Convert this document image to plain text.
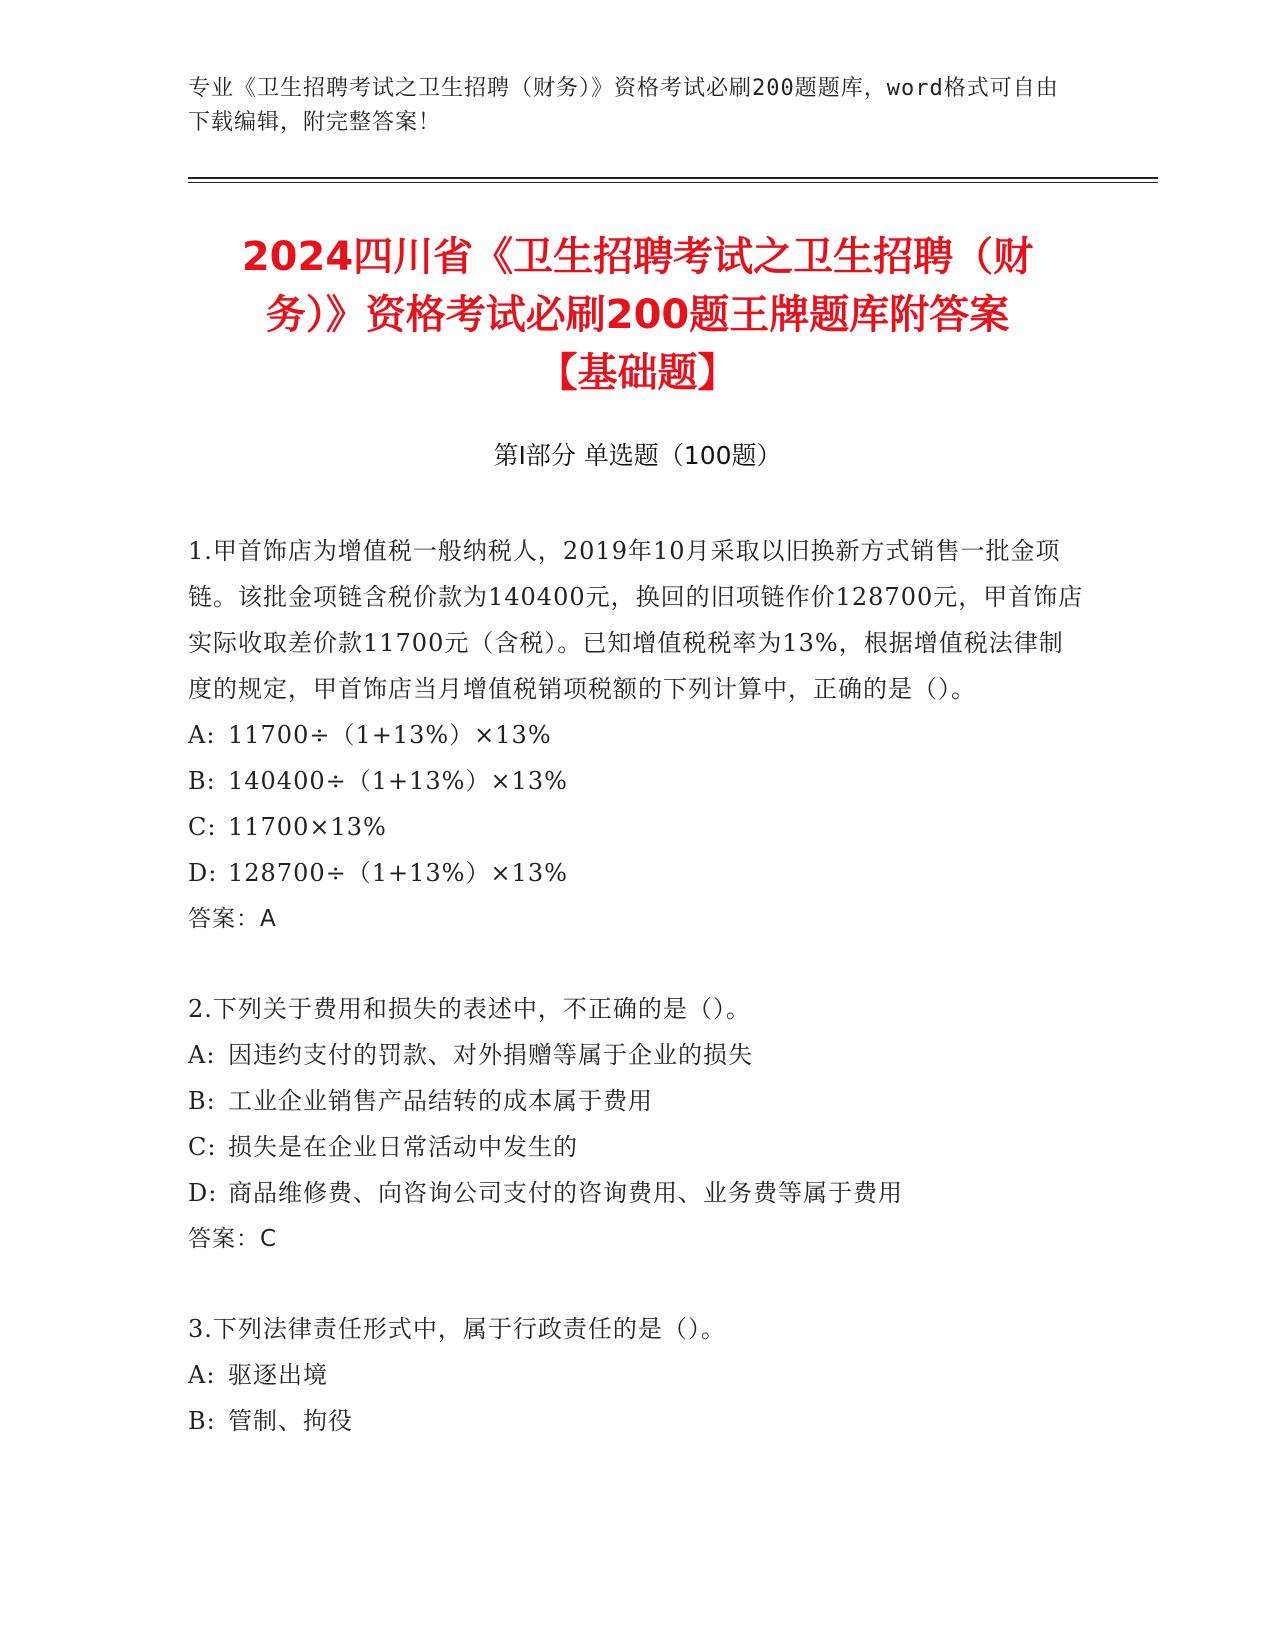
专业《卫生招聘考试之卫生招聘（财务）》资格考试必刷200题题库，word格式可自由下载编辑，附完整答案！
2024四川省《卫生招聘考试之卫生招聘（财
务）》资格考试必刷200题王牌题库附答案
【基础题】
第I部分 单选题（100题）

1.甲首饰店为增值税一般纳税人，2019年10月采取以旧换新方式销售一批金项链。该批金项链含税价款为140400元，换回的旧项链作价128700元，甲首饰店实际收取差价款11700元（含税）。已知增值税税率为13%，根据增值税法律制度的规定，甲首饰店当月增值税销项税额的下列计算中，正确的是（）。

A: 11700÷（1+13%）×13%

B: 140400÷（1+13%）×13%

C: 11700×13%

D: 128700÷（1+13%）×13%

答案：A

2.下列关于费用和损失的表述中，不正确的是（）。

A: 因违约支付的罚款、对外捐赠等属于企业的损失

B: 工业企业销售产品结转的成本属于费用

C: 损失是在企业日常活动中发生的

D: 商品维修费、向咨询公司支付的咨询费用、业务费等属于费用

答案：C

3.下列法律责任形式中，属于行政责任的是（）。

A: 驱逐出境

B: 管制、拘役
